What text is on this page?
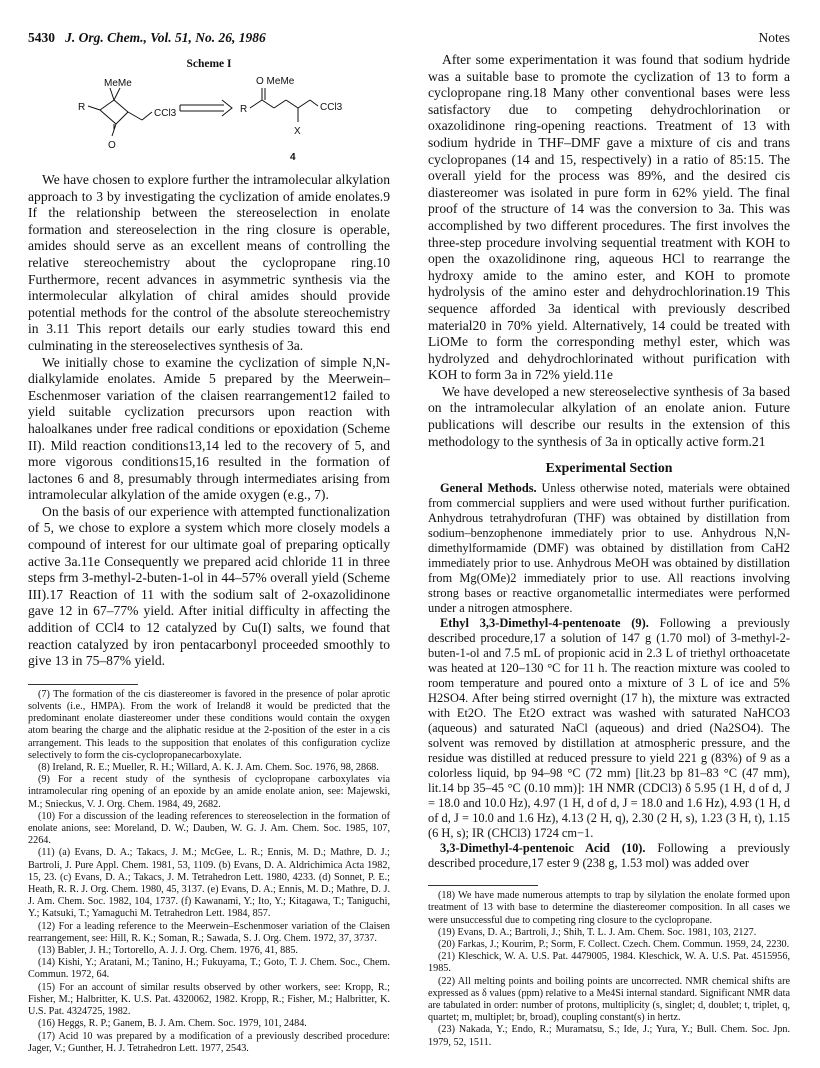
5430 J. Org. Chem., Vol. 51, No. 26, 1986	Notes
Scheme I
MeMe
R
CCl3
O
O MeMe
R	CCl3
X
4

We have chosen to explore further the intramolecular alkylation approach to 3 by investigating the cyclization of amide enolates.9 If the relationship between the stereoselection in enolate formation and stereoselection in the ring closure is operable, amides should serve as an excellent means of controlling the relative stereochemistry about the cyclopropane ring.10 Furthermore, recent advances in asymmetric synthesis via the intermolecular alkylation of chiral amides should provide potential methods for the control of the absolute stereochemistry in 3.11 This report details our early studies toward this end culminating in the stereoselectives synthesis of 3a.

We initially chose to examine the cyclization of simple N,N-dialkylamide enolates. Amide 5 prepared by the Meerwein–Eschenmoser variation of the claisen rearrangement12 failed to yield suitable cyclization precursors upon reaction with haloalkanes under free radical conditions or epoxidation (Scheme II). Mild reaction conditions13,14 led to the recovery of 5, and more vigorous conditions15,16 resulted in the formation of lactones 6 and 8, presumably through intermediates arising from intramolecular alkylation of the amide oxygen (e.g., 7).

On the basis of our experience with attempted functionalization of 5, we chose to explore a system which more closely models a compound of interest for our ultimate goal of preparing optically active 3a.11e Consequently we prepared acid chloride 11 in three steps frm 3-methyl-2-buten-1-ol in 44–57% overall yield (Scheme III).17 Reaction of 11 with the sodium salt of 2-oxazolidinone gave 12 in 67–77% yield. After initial difficulty in affecting the addition of CCl4 to 12 catalyzed by Cu(I) salts, we found that reaction catalyzed by iron pentacarbonyl proceeded smoothly to give 13 in 75–87% yield.

(7) The formation of the cis diastereomer is favored in the presence of polar aprotic solvents (i.e., HMPA). From the work of Ireland8 it would be predicted that the predominant enolate diastereomer under these conditions would contain the oxygen atom bearing the charge and the aliphatic residue at the 2-position of the ester in a cis arrangement. This leads to the supposition that enolates of this configuration cyclize selectively to form the cis-cyclopropanecarboxylate.

(8) Ireland, R. E.; Mueller, R. H.; Willard, A. K. J. Am. Chem. Soc. 1976, 98, 2868.

(9) For a recent study of the synthesis of cyclopropane carboxylates via intramolecular ring opening of an epoxide by an amide enolate anion, see: Majewski, M.; Snieckus, V. J. Org. Chem. 1984, 49, 2682.

(10) For a discussion of the leading references to stereoselection in the formation of enolate anions, see: Moreland, D. W.; Dauben, W. G. J. Am. Chem. Soc. 1985, 107, 2264.

(11) (a) Evans, D. A.; Takacs, J. M.; McGee, L. R.; Ennis, M. D.; Mathre, D. J.; Bartroli, J. Pure Appl. Chem. 1981, 53, 1109. (b) Evans, D. A. Aldrichimica Acta 1982, 15, 23. (c) Evans, D. A.; Takacs, J. M. Tetrahedron Lett. 1980, 4233. (d) Sonnet, P. E.; Heath, R. R. J. Org. Chem. 1980, 45, 3137. (e) Evans, D. A.; Ennis, M. D.; Mathre, D. J. J. Am. Chem. Soc. 1982, 104, 1737. (f) Kawanami, Y.; Ito, Y.; Kitagawa, T.; Taniguchi, Y.; Katsuki, T.; Yamaguchi M. Tetrahedron Lett. 1984, 857.

(12) For a leading reference to the Meerwein–Eschenmoser variation of the Claisen rearrangement, see: Hill, R. K.; Soman, R.; Sawada, S. J. Org. Chem. 1972, 37, 3737.

(13) Babler, J. H.; Tortorello, A. J. J. Org. Chem. 1976, 41, 885.

(14) Kishi, Y.; Aratani, M.; Tanino, H.; Fukuyama, T.; Goto, T. J. Chem. Soc., Chem. Commun. 1972, 64.

(15) For an account of similar results observed by other workers, see: Kropp, R.; Fisher, M.; Halbritter, K. U.S. Pat. 4320062, 1982. Kropp, R.; Fisher, M.; Halbritter, K. U.S. Pat. 4324725, 1982.

(16) Heggs, R. P.; Ganem, B. J. Am. Chem. Soc. 1979, 101, 2484.

(17) Acid 10 was prepared by a modification of a previously described procedure: Jager, V.; Gunther, H. J. Tetrahedron Lett. 1977, 2543.

After some experimentation it was found that sodium hydride was a suitable base to promote the cyclization of 13 to form a cyclopropane ring.18 Many other conventional bases were less satisfactory due to competing dehydrochlorination or oxazolidinone ring-opening reactions. Treatment of 13 with sodium hydride in THF–DMF gave a mixture of cis and trans cyclopropanes (14 and 15, respectively) in a ratio of 85:15. The overall yield for the process was 89%, and the desired cis diastereomer was isolated in pure form in 62% yield. The final proof of the structure of 14 was the conversion to 3a. This was accomplished by two different procedures. The first involves the three-step procedure involving sequential treatment with KOH to open the oxazolidinone ring, aqueous HCl to rearrange the hydroxy amide to the amino ester, and KOH to promote hydrolysis of the amino ester and dehydrochlorination.19 This sequence afforded 3a identical with previously described material20 in 70% yield. Alternatively, 14 could be treated with LiOMe to form the corresponding methyl ester, which was hydrolyzed and dehydrochlorinated without purification with KOH to form 3a in 72% yield.11e

We have developed a new stereoselective synthesis of 3a based on the intramolecular alkylation of an enolate anion. Future publications will describe our results in the extension of this methodology to the synthesis of 3a in optically active form.21

Experimental Section

General Methods. Unless otherwise noted, materials were obtained from commercial suppliers and were used without further purification. Anhydrous tetrahydrofuran (THF) was obtained by distillation from sodium–benzophenone immediately prior to use. Anhydrous N,N-dimethylformamide (DMF) was obtained by distillation from CaH2 immediately prior to use. Anhydrous MeOH was obtained by distillation from Mg(OMe)2 immediately prior to use. All reactions involving strong bases or reactive organometallic intermediates were performed under a nitrogen atmosphere.

Ethyl 3,3-Dimethyl-4-pentenoate (9). Following a previously described procedure,17 a solution of 147 g (1.70 mol) of 3-methyl-2-buten-1-ol and 7.5 mL of propionic acid in 2.3 L of triethyl orthoacetate was heated at 120–130 °C for 11 h. The reaction mixture was cooled to room temperature and poured onto a mixture of 3 L of ice and 5% H2SO4. After being stirred overnight (17 h), the mixture was extracted with Et2O. The Et2O extract was washed with saturated NaHCO3 (aqueous) and saturated NaCl (aqueous) and dried (Na2SO4). The solvent was removed by distillation at atmospheric pressure, and the residue was distilled at reduced pressure to yield 221 g (83%) of 9 as a colorless liquid, bp 94–98 °C (72 mm) [lit.23 bp 81–83 °C (47 mm), lit.14 bp 35–45 °C (0.10 mm)]: 1H NMR (CDCl3) δ 5.95 (1 H, d of d, J = 18.0 and 10.0 Hz), 4.97 (1 H, d of d, J = 18.0 and 1.6 Hz), 4.93 (1 H, d of d, J = 10.0 and 1.6 Hz), 4.13 (2 H, q), 2.30 (2 H, s), 1.23 (3 H, t), 1.15 (6 H, s); IR (CHCl3) 1724 cm−1.

3,3-Dimethyl-4-pentenoic Acid (10). Following a previously described procedure,17 ester 9 (238 g, 1.53 mol) was added over

(18) We have made numerous attempts to trap by silylation the enolate formed upon treatment of 13 with base to determine the diastereomer composition. In all cases we were unsuccessful due to competing ring closure to the cyclopropane.

(19) Evans, D. A.; Bartroli, J.; Shih, T. L. J. Am. Chem. Soc. 1981, 103, 2127.

(20) Farkas, J.; Kourim, P.; Sorm, F. Collect. Czech. Chem. Commun. 1959, 24, 2230.

(21) Kleschick, W. A. U.S. Pat. 4479005, 1984. Kleschick, W. A. U.S. Pat. 4515956, 1985.

(22) All melting points and boiling points are uncorrected. NMR chemical shifts are expressed as δ values (ppm) relative to a Me4Si internal standard. Significant NMR data are tabulated in order: number of protons, multiplicity (s, singlet; d, doublet; t, triplet, q, quartet; m, multiplet; br, broad), coupling constant(s) in hertz.

(23) Nakada, Y.; Endo, R.; Muramatsu, S.; Ide, J.; Yura, Y.; Bull. Chem. Soc. Jpn. 1979, 52, 1511.
